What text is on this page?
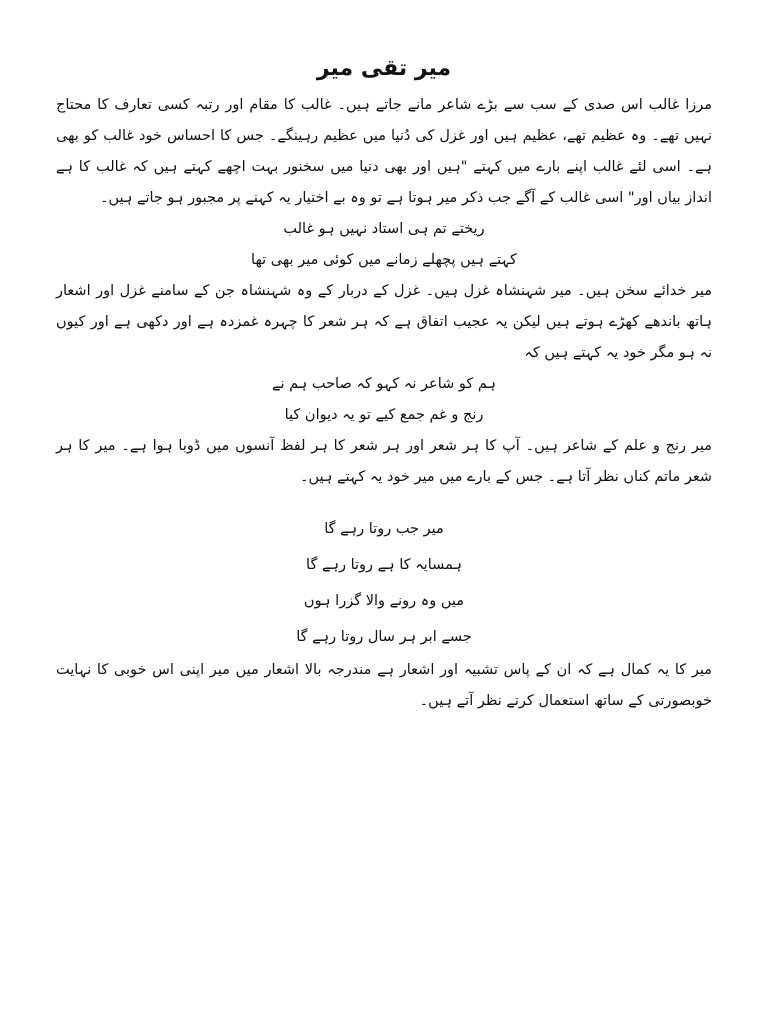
میر تقی میر

مرزا غالب اس صدی کے سب سے بڑے شاعر مانے جاتے ہیں۔ غالب کا مقام اور رتبہ کسی تعارف کا محتاج نہیں تھے۔ وہ عظیم تھے، عظیم ہیں اور غزل کی دُنیا میں عظیم رہینگے۔ جس کا احساس خود غالب کو بھی ہے۔ اسی لئے غالب اپنے بارے میں کہتے "ہیں اور بھی دنیا میں سخنور بہت اچھے کہتے ہیں کہ غالب کا ہے انداز بیاں اور" اسی غالب کے آگے جب ذکر میر ہوتا ہے تو وہ بے اختیار یہ کہنے پر مجبور ہو جاتے ہیں۔

ریختے تم ہی استاد نہیں ہو غالب

کہتے ہیں پچھلے زمانے میں کوئی میر بھی تھا

میر خدائے سخن ہیں۔ میر شہنشاہ غزل ہیں۔ غزل کے دربار کے وہ شہنشاہ جن کے سامنے غزل اور اشعار ہاتھ باندھے کھڑے ہوتے ہیں لیکن یہ عجیب اتفاق ہے کہ ہر شعر کا چہرہ غمزدہ ہے اور دکھی ہے اور کیوں نہ ہو مگر خود یہ کہتے ہیں کہ

ہم کو شاعر نہ کہو کہ صاحب ہم نے

رنج و غم جمع کیے تو یہ دیوان کیا

میر رنج و علم کے شاعر ہیں۔ آپ کا ہر شعر اور ہر شعر کا ہر لفظ آنسوں میں ڈوبا ہوا ہے۔ میر کا ہر شعر ماتم کناں نظر آتا ہے۔ جس کے بارے میں میر خود یہ کہتے ہیں۔

میر جب روتا رہے گا

ہمسایہ کا ہے روتا رہے گا

میں وہ رونے والا گزرا ہوں

جسے ابر ہر سال روتا رہے گا

میر کا یہ کمال ہے کہ ان کے پاس تشبیہ اور اشعار ہے مندرجہ بالا اشعار میں میر اپنی اس خوبی کا نہایت خوبصورتی کے ساتھ استعمال کرتے نظر آتے ہیں۔
